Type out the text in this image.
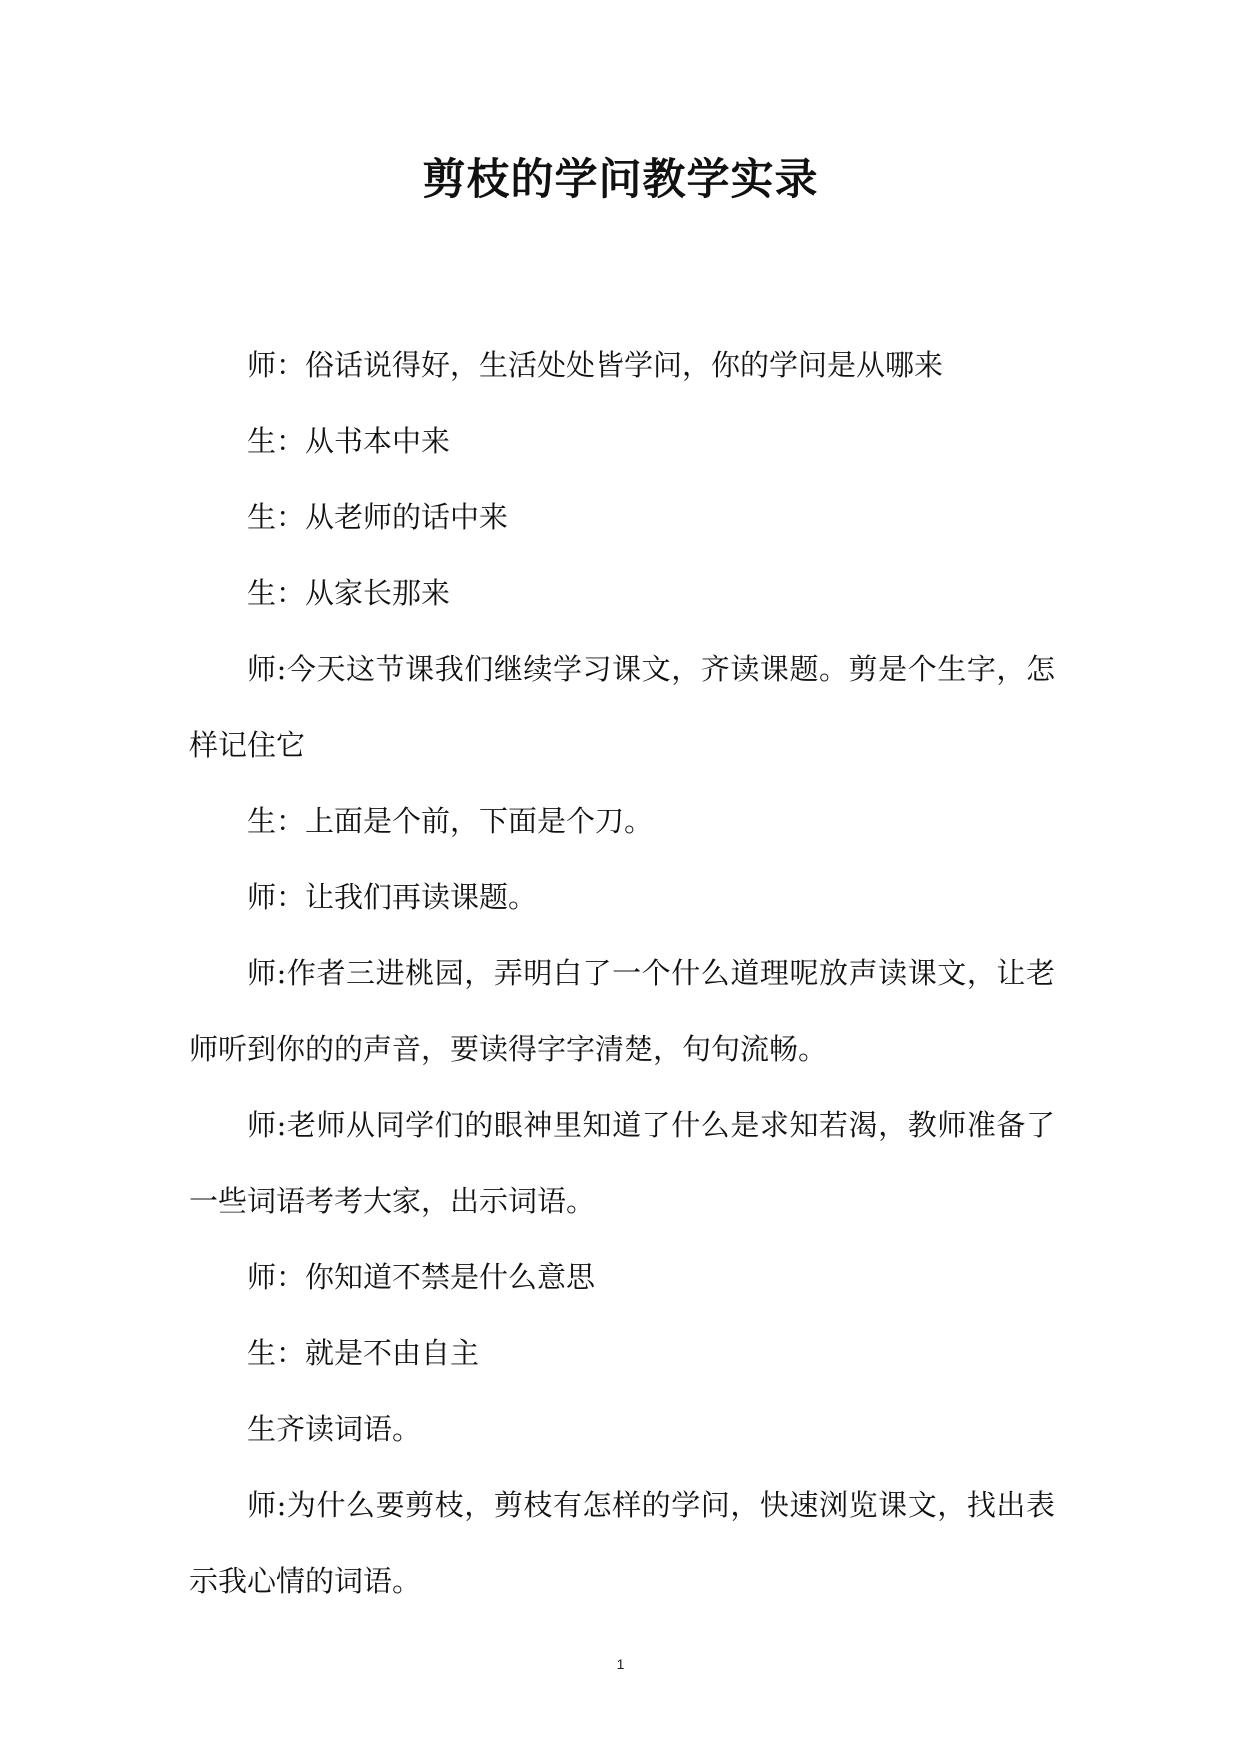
剪枝的学问教学实录

师：俗话说得好，生活处处皆学问，你的学问是从哪来

生：从书本中来

生：从老师的话中来

生：从家长那来

师:今天这节课我们继续学习课文，齐读课题。剪是个生字，怎样记住它

生：上面是个前，下面是个刀。

师：让我们再读课题。

师:作者三进桃园，弄明白了一个什么道理呢放声读课文，让老师听到你的的声音，要读得字字清楚，句句流畅。

师:老师从同学们的眼神里知道了什么是求知若渴，教师准备了一些词语考考大家，出示词语。

师：你知道不禁是什么意思

生：就是不由自主

生齐读词语。

师:为什么要剪枝，剪枝有怎样的学问，快速浏览课文，找出表示我心情的词语。

1
